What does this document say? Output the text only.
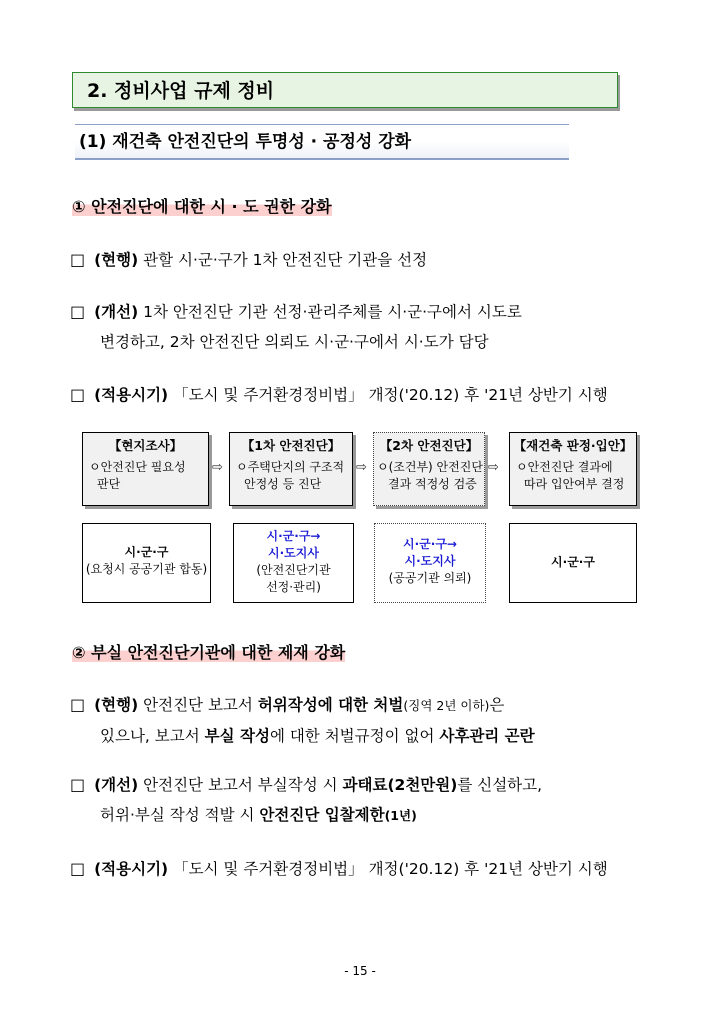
2. 정비사업 규제 정비
(1) 재건축 안전진단의 투명성 · 공정성 강화
① 안전진단에 대한 시 · 도 권한 강화
□ (현행) 관할 시·군·구가 1차 안전진단 기관을 선정
□ (개선) 1차 안전진단 기관 선정·관리주체를 시·군·구에서 시도로
변경하고, 2차 안전진단 의뢰도 시·군·구에서 시·도가 담당
□ (적용시기) 「도시 및 주거환경정비법」 개정('20.12) 후 '21년 상반기 시행
【현지조사】
ㅇ안전진단 필요성
판단
⇨
【1차 안전진단】
ㅇ주택단지의 구조적
안정성 등 진단
⇨
【2차 안전진단】
ㅇ(조건부) 안전진단
결과 적정성 검증
⇨
【재건축 판정·입안】
ㅇ안전진단 결과에
따라 입안여부 결정
시·군·구
(요청시 공공기관 합동)
시·군·구→
시·도지사
(안전진단기관
선정·관리)
시·군·구→
시·도지사
(공공기관 의뢰)
시·군·구
② 부실 안전진단기관에 대한 제재 강화
□ (현행) 안전진단 보고서 허위작성에 대한 처벌(징역 2년 이하)은
있으나, 보고서 부실 작성에 대한 처벌규정이 없어 사후관리 곤란
□ (개선) 안전진단 보고서 부실작성 시 과태료(2천만원)를 신설하고,
허위·부실 작성 적발 시 안전진단 입찰제한(1년)
□ (적용시기) 「도시 및 주거환경정비법」 개정('20.12) 후 '21년 상반기 시행
- 15 -
